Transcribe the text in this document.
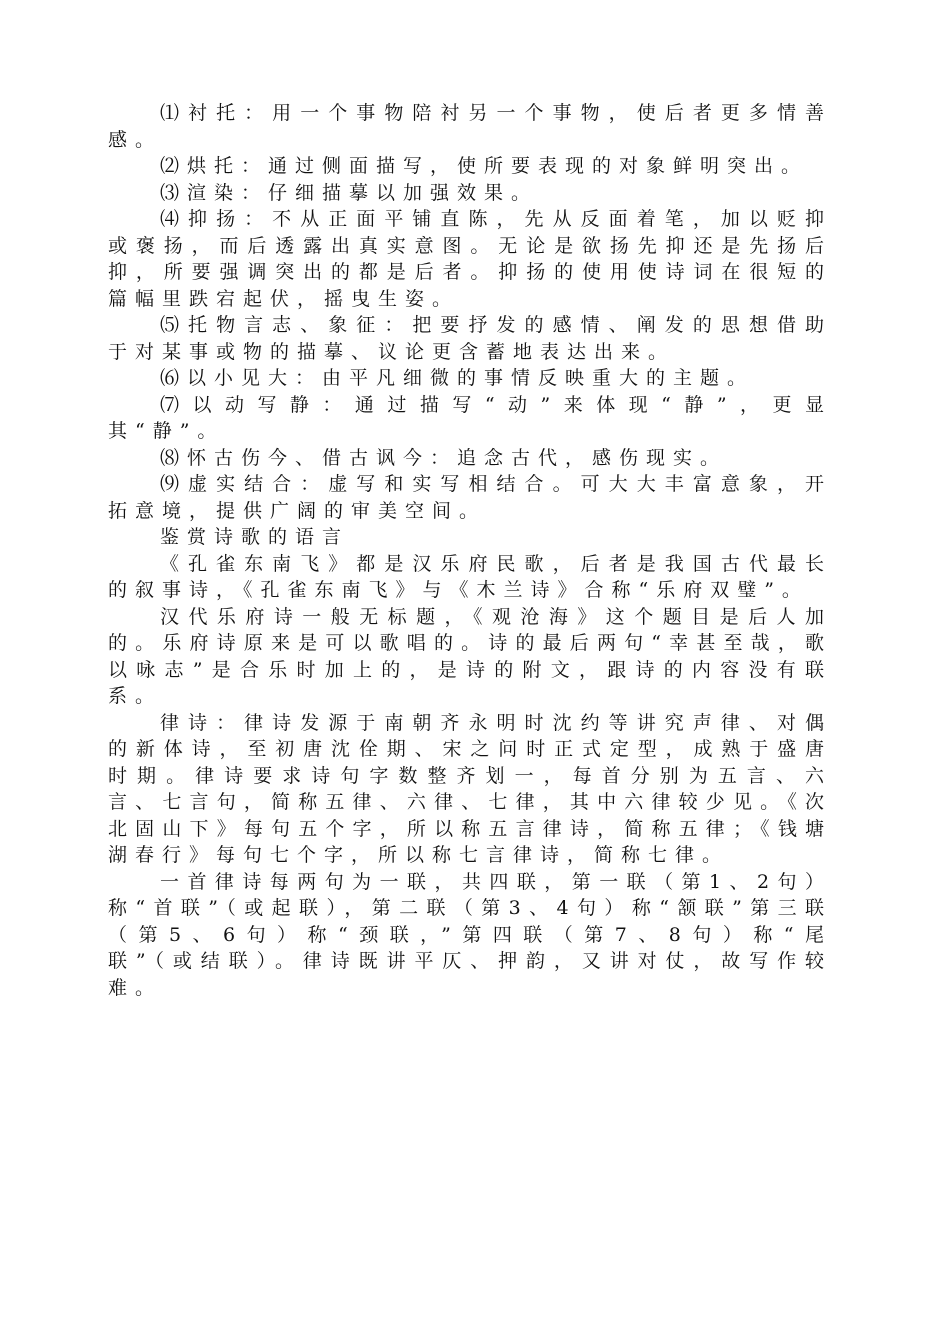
⑴衬托：用一个事物陪衬另一个事物，使后者更多情善感。

⑵烘托：通过侧面描写，使所要表现的对象鲜明突出。

⑶渲染：仔细描摹以加强效果。

⑷抑扬：不从正面平铺直陈，先从反面着笔，加以贬抑或褒扬，而后透露出真实意图。无论是欲扬先抑还是先扬后抑，所要强调突出的都是后者。抑扬的使用使诗词在很短的篇幅里跌宕起伏，摇曳生姿。

⑸托物言志、象征：把要抒发的感情、阐发的思想借助于对某事或物的描摹、议论更含蓄地表达出来。

⑹以小见大：由平凡细微的事情反映重大的主题。

⑺以动写静：通过描写“动”来体现“静”，更显其“静”。

⑻怀古伤今、借古讽今：追念古代，感伤现实。

⑼虚实结合：虚写和实写相结合。可大大丰富意象，开拓意境，提供广阔的审美空间。

鉴赏诗歌的语言

《孔雀东南飞》都是汉乐府民歌，后者是我国古代最长的叙事诗，《孔雀东南飞》与《木兰诗》合称“乐府双璧”。

汉代乐府诗一般无标题，《观沧海》这个题目是后人加的。乐府诗原来是可以歌唱的。诗的最后两句“幸甚至哉，歌以咏志”是合乐时加上的，是诗的附文，跟诗的内容没有联系。

律诗：律诗发源于南朝齐永明时沈约等讲究声律、对偶的新体诗，至初唐沈佺期、宋之问时正式定型，成熟于盛唐时期。律诗要求诗句字数整齐划一，每首分别为五言、六言、七言句，简称五律、六律、七律，其中六律较少见。《次北固山下》每句五个字，所以称五言律诗，简称五律；《钱塘湖春行》每句七个字，所以称七言律诗，简称七律。

一首律诗每两句为一联，共四联，第一联（第1、2句）称“首联”（或起联），第二联（第3、4句）称“颔联”第三联（第5、6句）称“颈联，”第四联（第7、8句）称“尾联”（或结联）。律诗既讲平仄、押韵，又讲对仗，故写作较难。
